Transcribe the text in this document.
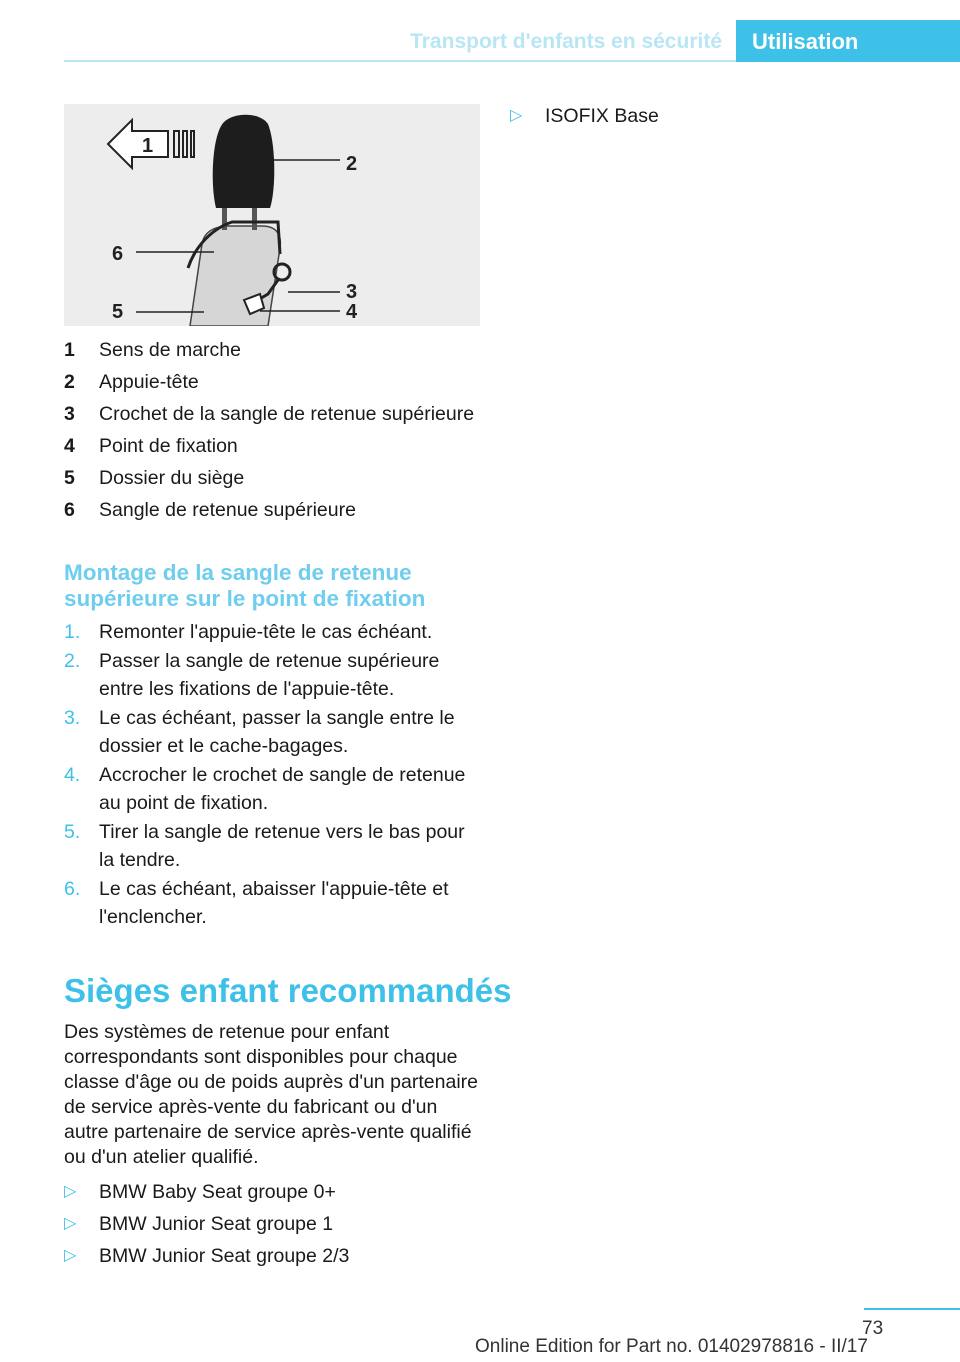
Transport d'enfants en sécurité	Utilisation
1
2
3
4
5
6
1	Sens de marche
2	Appuie-tête
3	Crochet de la sangle de retenue supérieure
4	Point de fixation
5	Dossier du siège
6	Sangle de retenue supérieure
Montage de la sangle de retenue supérieure sur le point de fixation
1. Remonter l'appuie-tête le cas échéant.
2. Passer la sangle de retenue supérieure entre les fixations de l'appuie-tête.
3. Le cas échéant, passer la sangle entre le dossier et le cache-bagages.
4. Accrocher le crochet de sangle de retenue au point de fixation.
5. Tirer la sangle de retenue vers le bas pour la tendre.
6. Le cas échéant, abaisser l'appuie-tête et l'enclencher.
Sièges enfant recommandés
Des systèmes de retenue pour enfant correspondants sont disponibles pour chaque classe d'âge ou de poids auprès d'un partenaire de service après-vente du fabricant ou d'un autre partenaire de service après-vente qualifié ou d'un atelier qualifié.
▷	BMW Baby Seat groupe 0+
▷	BMW Junior Seat groupe 1
▷	BMW Junior Seat groupe 2/3
▷	ISOFIX Base
73
Online Edition for Part no. 01402978816 - II/17
